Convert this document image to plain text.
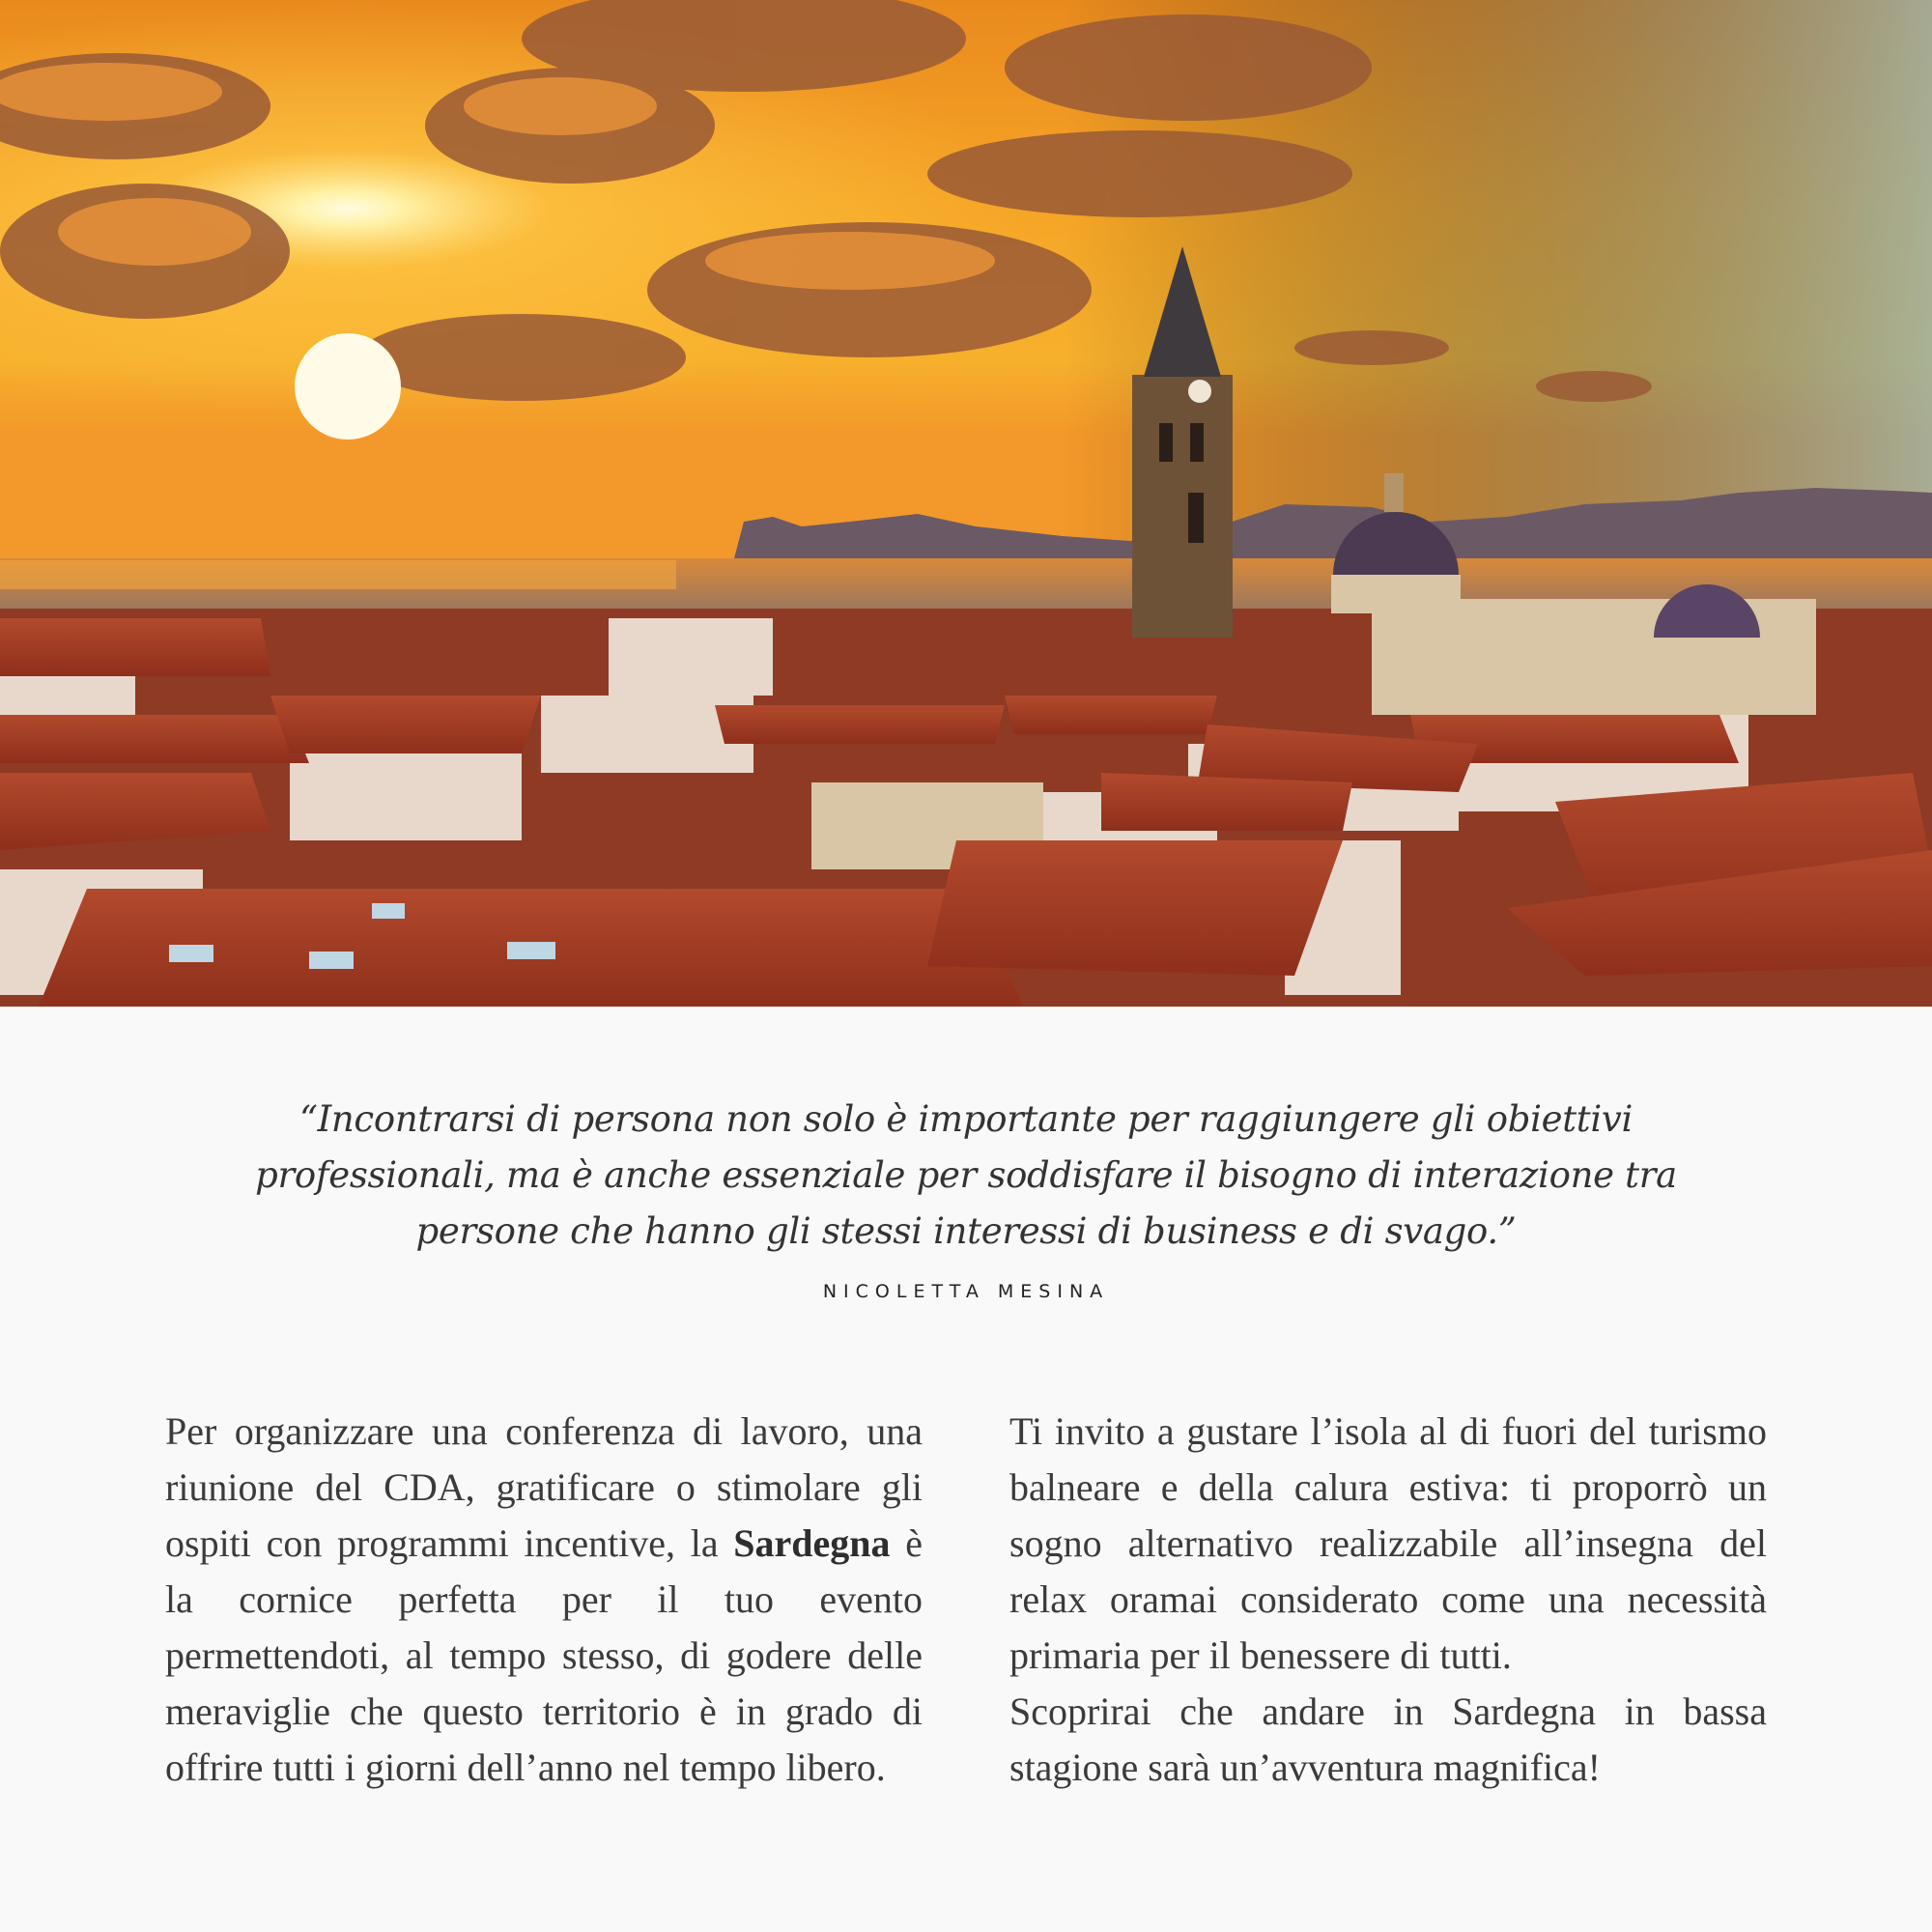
“Incontrarsi di persona non solo è importante per raggiungere gli obiettivi professionali, ma è anche essenziale per soddisfare il bisogno di interazione tra persone che hanno gli stessi interessi di business e di svago.”

NICOLETTA MESINA

Per organizzare una conferenza di lavoro, una riunione del CDA, gratificare o stimolare gli ospiti con programmi incentive, la Sardegna è la cornice perfetta per il tuo evento permettendoti, al tempo stesso, di godere delle meraviglie che questo territorio è in grado di offrire tutti i giorni dell’anno nel tempo libero.

Ti invito a gustare l’isola al di fuori del turismo balneare e della calura estiva: ti proporrò un sogno alternativo realizzabile all’insegna del relax oramai considerato come una necessità primaria per il benessere di tutti.

Scoprirai che andare in Sardegna in bassa stagione sarà un’avventura magnifica!
